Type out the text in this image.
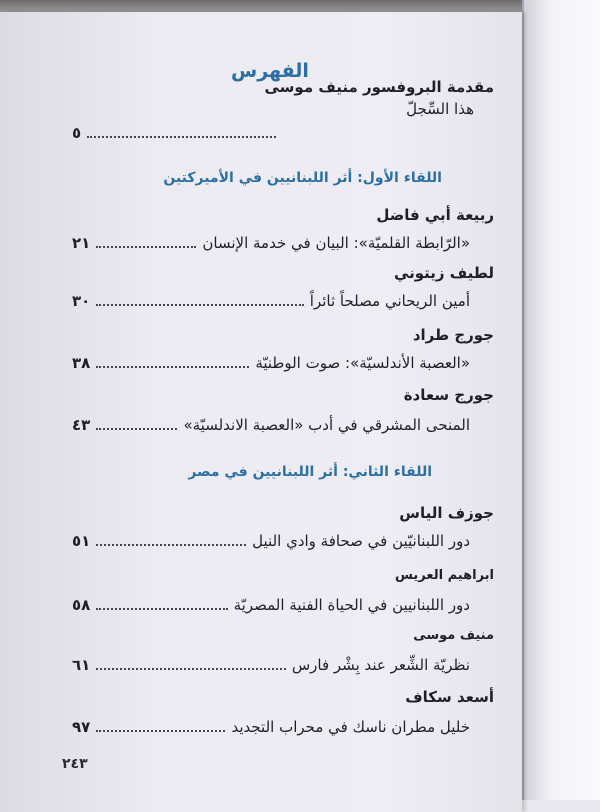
الفهرس
مقدمة البروفسور منيف موسى
هذا السِّجلّ
٥
اللقاء الأول: أثر اللبنانيين في الأميركتين
ربيعة أبي فاضل
«الرّابطة القلميّة»: البيان في خدمة الإنسان
٢١
لطيف زيتوني
أمين الريحاني مصلحاً ثائراً
٣٠
جورج طراد
«العصبة الأندلسيّة»: صوت الوطنيّة
٣٨
جورج سعادة
المنحى المشرقي في أدب «العصبة الاندلسيّة»
٤٣
اللقاء الثاني: أثر اللبنانيين في مصر
جوزف الياس
دور اللبنانيّين في صحافة وادي النيل
٥١
ابراهيم العريس
دور اللبنانيين في الحياة الفنية المصريّة
٥٨
منيف موسى
نظريّة الشِّعر عند بِشْر فارس
٦١
أسعد سكاف
خليل مطران ناسك في محراب التجديد
٩٧
٢٤٣
